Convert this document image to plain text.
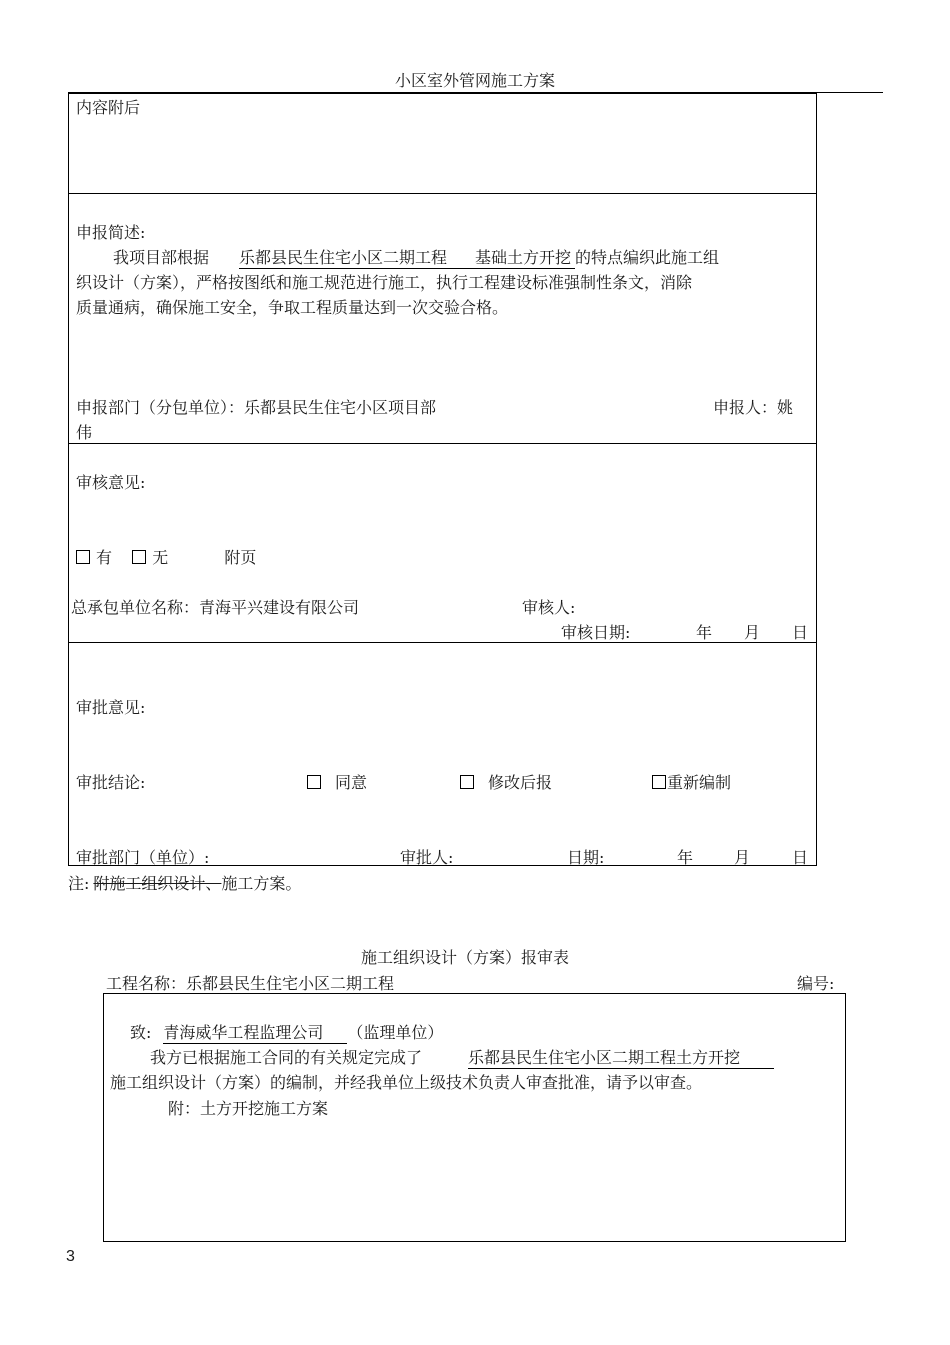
小区室外管网施工方案
内容附后
申报简述:
我项目部根据 乐都县民生住宅小区二期工程 基础土方开挖 的特点编织此施工组
织设计（方案），严格按图纸和施工规范进行施工，执行工程建设标准强制性条文，消除
质量通病，确保施工安全，争取工程质量达到一次交验合格。
申报部门（分包单位）：乐都县民生住宅小区项目部	申报人：姚
伟
审核意见:
有	无	附页
总承包单位名称：青海平兴建设有限公司	审核人:
审核日期:	年 月 日
审批意见:
审批结论:	同意	修改后报	重新编制
审批部门（单位）:	审批人:	日期:	年	月	日
注: 附施工组织设计、施工方案。
施工组织设计（方案）报审表
工程名称：乐都县民生住宅小区二期工程	编号:
致: 青海威华工程监理公司 （监理单位）
我方已根据施工合同的有关规定完成了	乐都县民生住宅小区二期工程土方开挖
施工组织设计（方案）的编制，并经我单位上级技术负责人审查批准，请予以审查。
附：土方开挖施工方案
3
